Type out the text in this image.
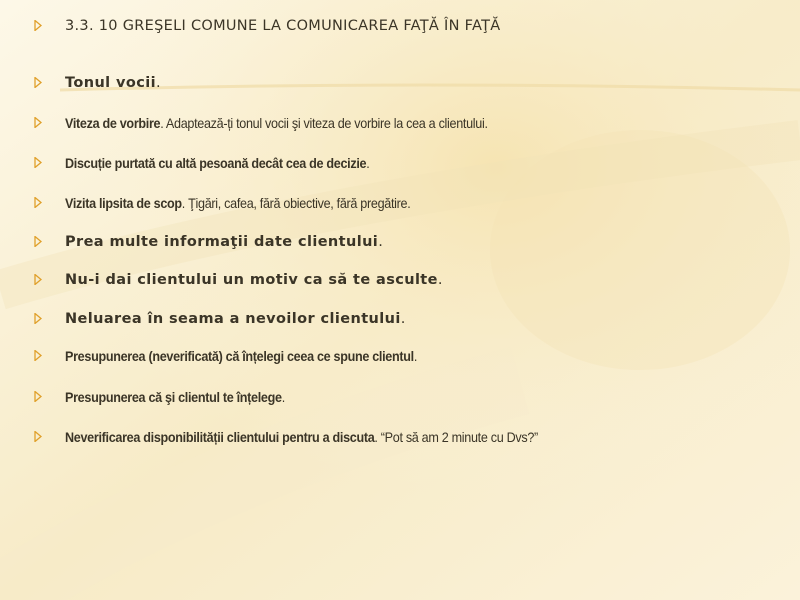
3.3. 10 GREŞELI COMUNE LA COMUNICAREA FAŢĂ ÎN FAŢĂ
Tonul vocii.
Viteza de vorbire. Adaptează-ți tonul vocii şi viteza de vorbire la cea a clientului.
Discuție purtată cu altă pesoană decât cea de decizie.
Vizita lipsita de scop. Ţigări, cafea, fără obiective, fără pregătire.
Prea multe informaţii date clientului.
Nu-i dai clientului un motiv ca să te asculte.
Neluarea în seama a nevoilor clientului.
Presupunerea (neverificată) că înțelegi ceea ce spune clientul.
Presupunerea că şi clientul te înțelege.
Neverificarea disponibilității clientului pentru a discuta. “Pot să am 2 minute cu Dvs?”
